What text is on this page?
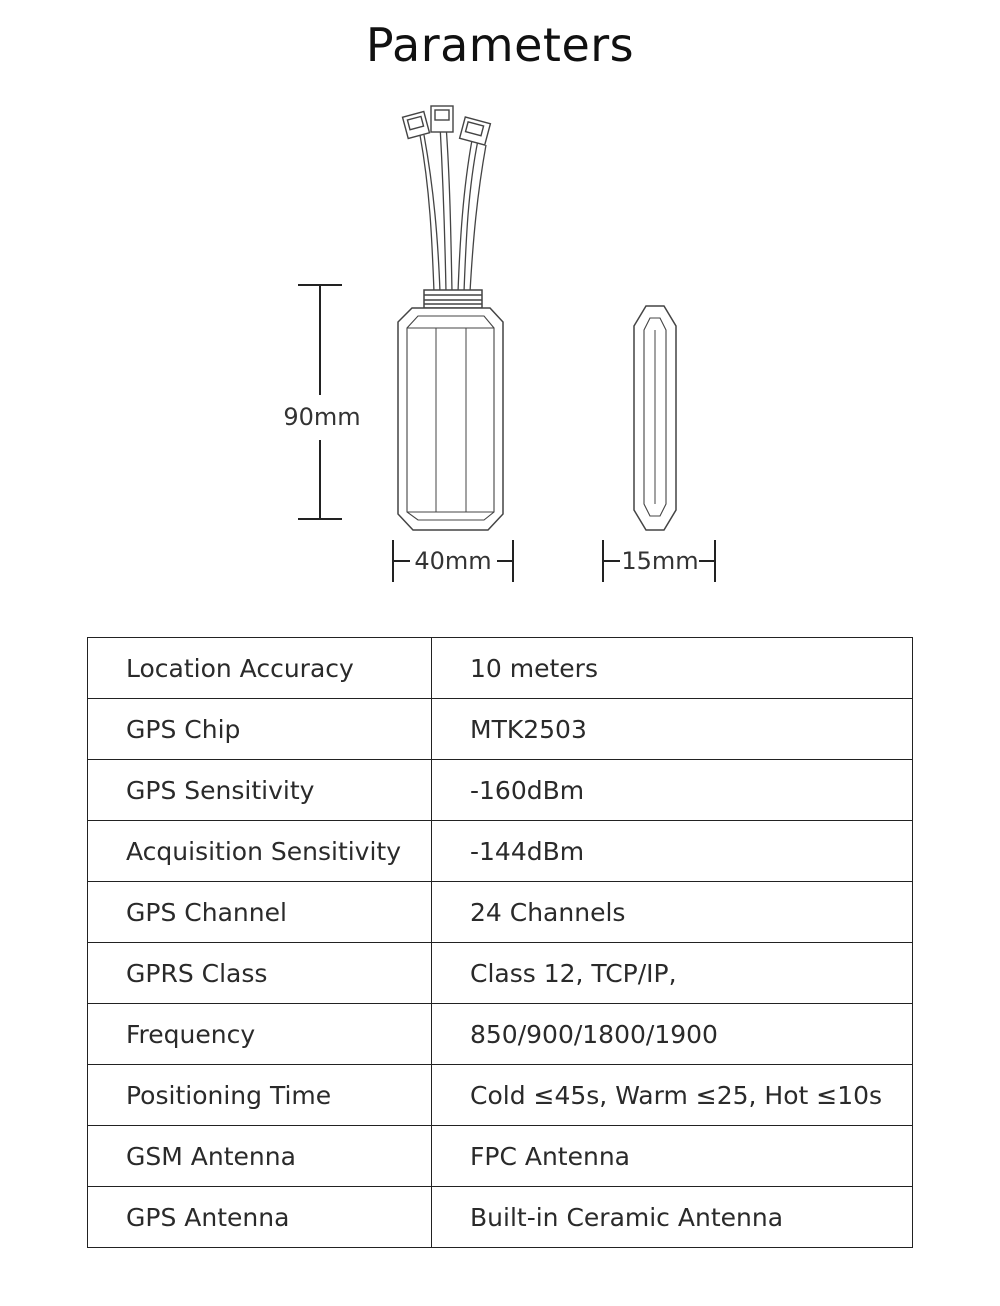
Parameters
90mm
40mm	15mm
Location Accuracy	10 meters
GPS Chip	MTK2503
GPS Sensitivity	-160dBm
Acquisition Sensitivity	-144dBm
GPS Channel	24 Channels
GPRS Class	Class 12, TCP/IP,
Frequency	850/900/1800/1900
Positioning Time	Cold ≤45s, Warm ≤25, Hot ≤10s
GSM Antenna	FPC Antenna
GPS Antenna	Built-in Ceramic Antenna
